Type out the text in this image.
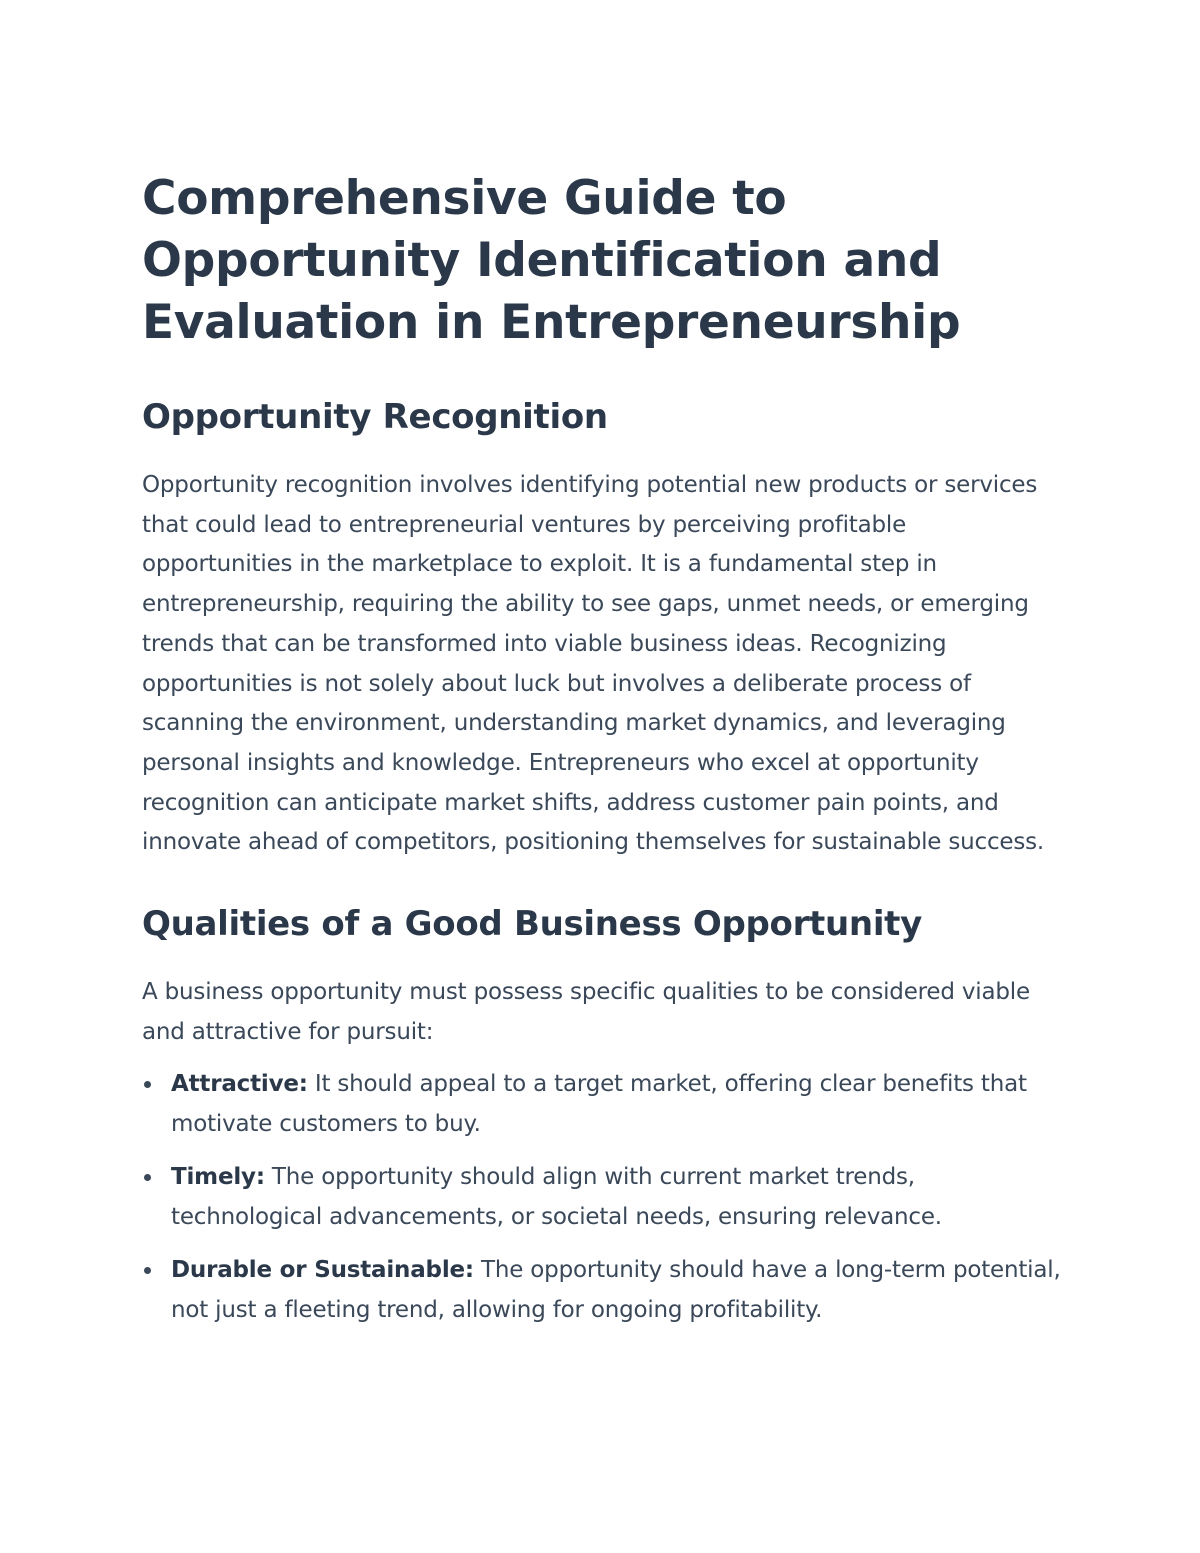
Comprehensive Guide to Opportunity Identification and Evaluation in Entrepreneurship
Opportunity Recognition

Opportunity recognition involves identifying potential new products or services that could lead to entrepreneurial ventures by perceiving profitable opportunities in the marketplace to exploit. It is a fundamental step in entrepreneurship, requiring the ability to see gaps, unmet needs, or emerging trends that can be transformed into viable business ideas. Recognizing opportunities is not solely about luck but involves a deliberate process of scanning the environment, understanding market dynamics, and leveraging personal insights and knowledge. Entrepreneurs who excel at opportunity recognition can anticipate market shifts, address customer pain points, and innovate ahead of competitors, positioning themselves for sustainable success.

Qualities of a Good Business Opportunity

A business opportunity must possess specific qualities to be considered viable and attractive for pursuit:

Attractive: It should appeal to a target market, offering clear benefits that motivate customers to buy.
Timely: The opportunity should align with current market trends, technological advancements, or societal needs, ensuring relevance.
Durable or Sustainable: The opportunity should have a long-term potential, not just a fleeting trend, allowing for ongoing profitability.
